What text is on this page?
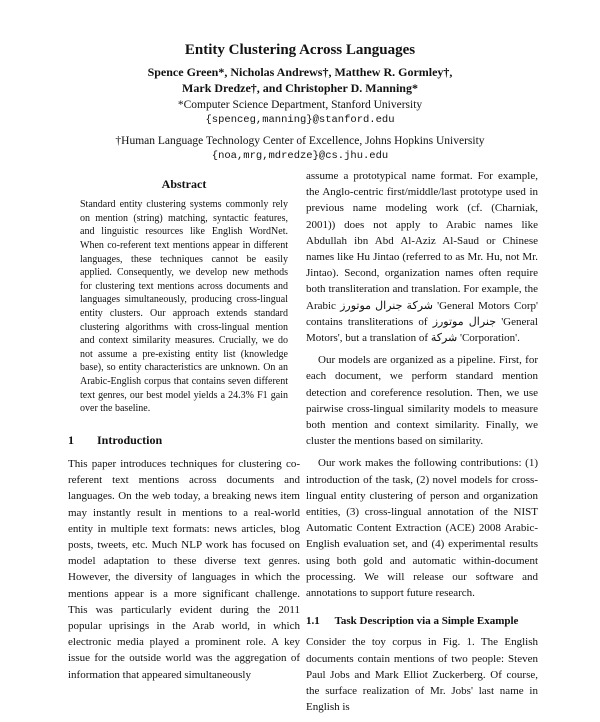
Entity Clustering Across Languages
Spence Green*, Nicholas Andrews†, Matthew R. Gormley†,
Mark Dredze†, and Christopher D. Manning*
*Computer Science Department, Stanford University
{spenceg,manning}@stanford.edu
†Human Language Technology Center of Excellence, Johns Hopkins University
{noa,mrg,mdredze}@cs.jhu.edu
Abstract
Standard entity clustering systems commonly rely on mention (string) matching, syntactic features, and linguistic resources like English WordNet. When co-referent text mentions appear in different languages, these techniques cannot be easily applied. Consequently, we develop new methods for clustering text mentions across documents and languages simultaneously, producing cross-lingual entity clusters. Our approach extends standard clustering algorithms with cross-lingual mention and context similarity measures. Crucially, we do not assume a pre-existing entity list (knowledge base), so entity characteristics are unknown. On an Arabic-English corpus that contains seven different text genres, our best model yields a 24.3% F1 gain over the baseline.
1 Introduction

This paper introduces techniques for clustering co-referent text mentions across documents and languages. On the web today, a breaking news item may instantly result in mentions to a real-world entity in multiple text formats: news articles, blog posts, tweets, etc. Much NLP work has focused on model adaptation to these diverse text genres. However, the diversity of languages in which the mentions appear is a more significant challenge. This was particularly evident during the 2011 popular uprisings in the Arab world, in which electronic media played a prominent role. A key issue for the outside world was the aggregation of information that appeared simultaneously

assume a prototypical name format. For example, the Anglo-centric first/middle/last prototype used in previous name modeling work (cf. (Charniak, 2001)) does not apply to Arabic names like Abdullah ibn Abd Al-Aziz Al-Saud or Chinese names like Hu Jintao (referred to as Mr. Hu, not Mr. Jintao). Second, organization names often require both transliteration and translation. For example, the Arabic شركة جنرال موتورز 'General Motors Corp' contains transliterations of جنرال موتورز 'General Motors', but a translation of شركة 'Corporation'.

Our models are organized as a pipeline. First, for each document, we perform standard mention detection and coreference resolution. Then, we use pairwise cross-lingual similarity models to measure both mention and context similarity. Finally, we cluster the mentions based on similarity.

Our work makes the following contributions: (1) introduction of the task, (2) novel models for cross-lingual entity clustering of person and organization entities, (3) cross-lingual annotation of the NIST Automatic Content Extraction (ACE) 2008 Arabic-English evaluation set, and (4) experimental results using both gold and automatic within-document processing. We will release our software and annotations to support future research.

1.1 Task Description via a Simple Example

Consider the toy corpus in Fig. 1. The English documents contain mentions of two people: Steven Paul Jobs and Mark Elliot Zuckerberg. Of course, the surface realization of Mr. Jobs' last name in English is
